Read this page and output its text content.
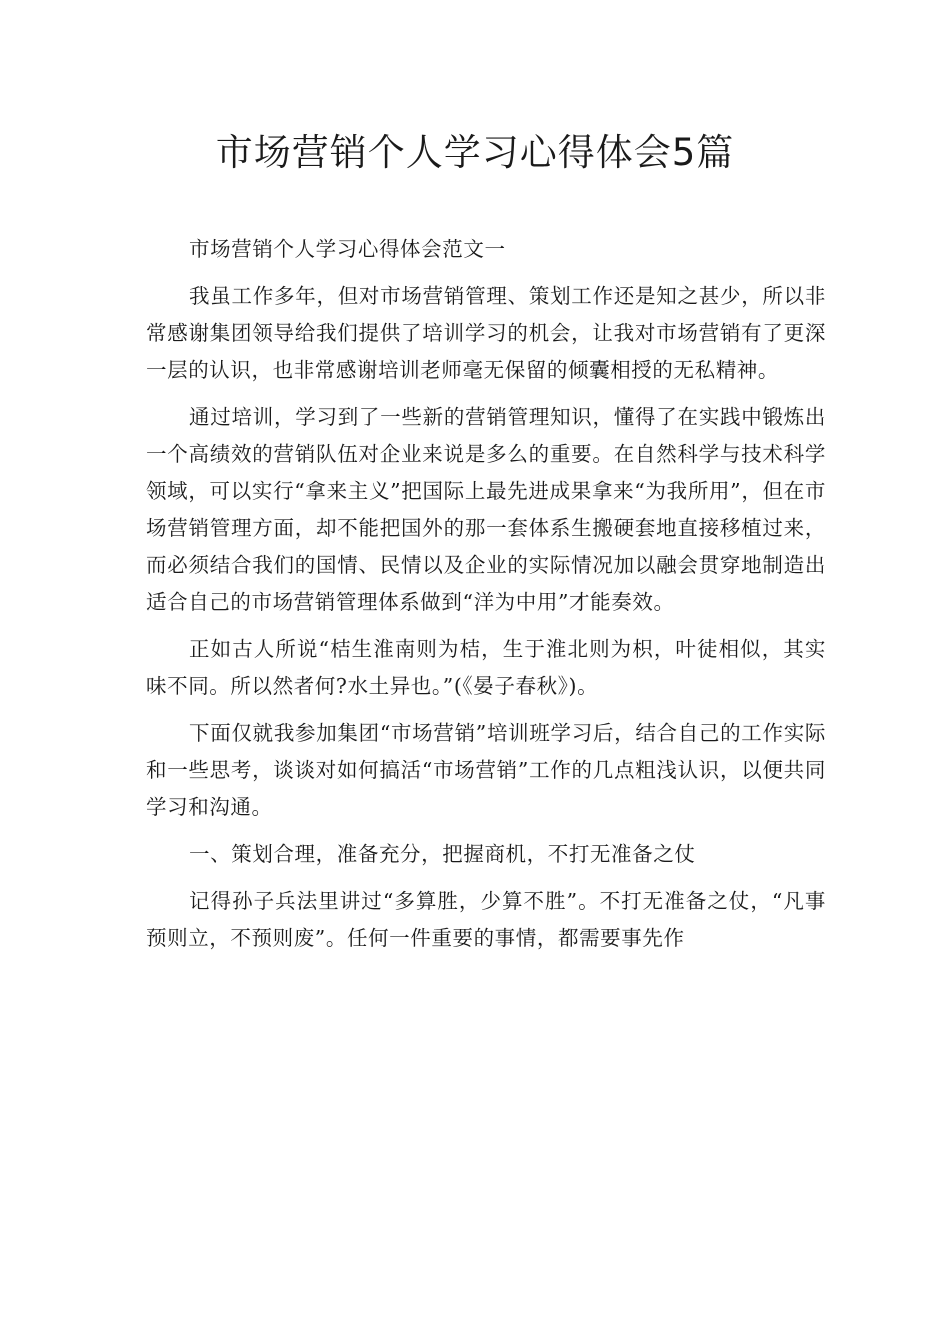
市场营销个人学习心得体会5篇

市场营销个人学习心得体会范文一

我虽工作多年，但对市场营销管理、策划工作还是知之甚少，所以非常感谢集团领导给我们提供了培训学习的机会，让我对市场营销有了更深一层的认识，也非常感谢培训老师毫无保留的倾囊相授的无私精神。

通过培训，学习到了一些新的营销管理知识，懂得了在实践中锻炼出一个高绩效的营销队伍对企业来说是多么的重要。在自然科学与技术科学领域，可以实行“拿来主义”把国际上最先进成果拿来“为我所用”，但在市场营销管理方面，却不能把国外的那一套体系生搬硬套地直接移植过来，而必须结合我们的国情、民情以及企业的实际情况加以融会贯穿地制造出适合自己的市场营销管理体系做到“洋为中用”才能奏效。

正如古人所说“桔生淮南则为桔，生于淮北则为枳，叶徒相似，其实味不同。所以然者何?水土异也。”(《晏子春秋》)。

下面仅就我参加集团“市场营销”培训班学习后，结合自己的工作实际和一些思考，谈谈对如何搞活“市场营销”工作的几点粗浅认识，以便共同学习和沟通。

一、策划合理，准备充分，把握商机，不打无准备之仗

记得孙子兵法里讲过“多算胜，少算不胜”。不打无准备之仗，“凡事预则立，不预则废”。任何一件重要的事情，都需要事先作
